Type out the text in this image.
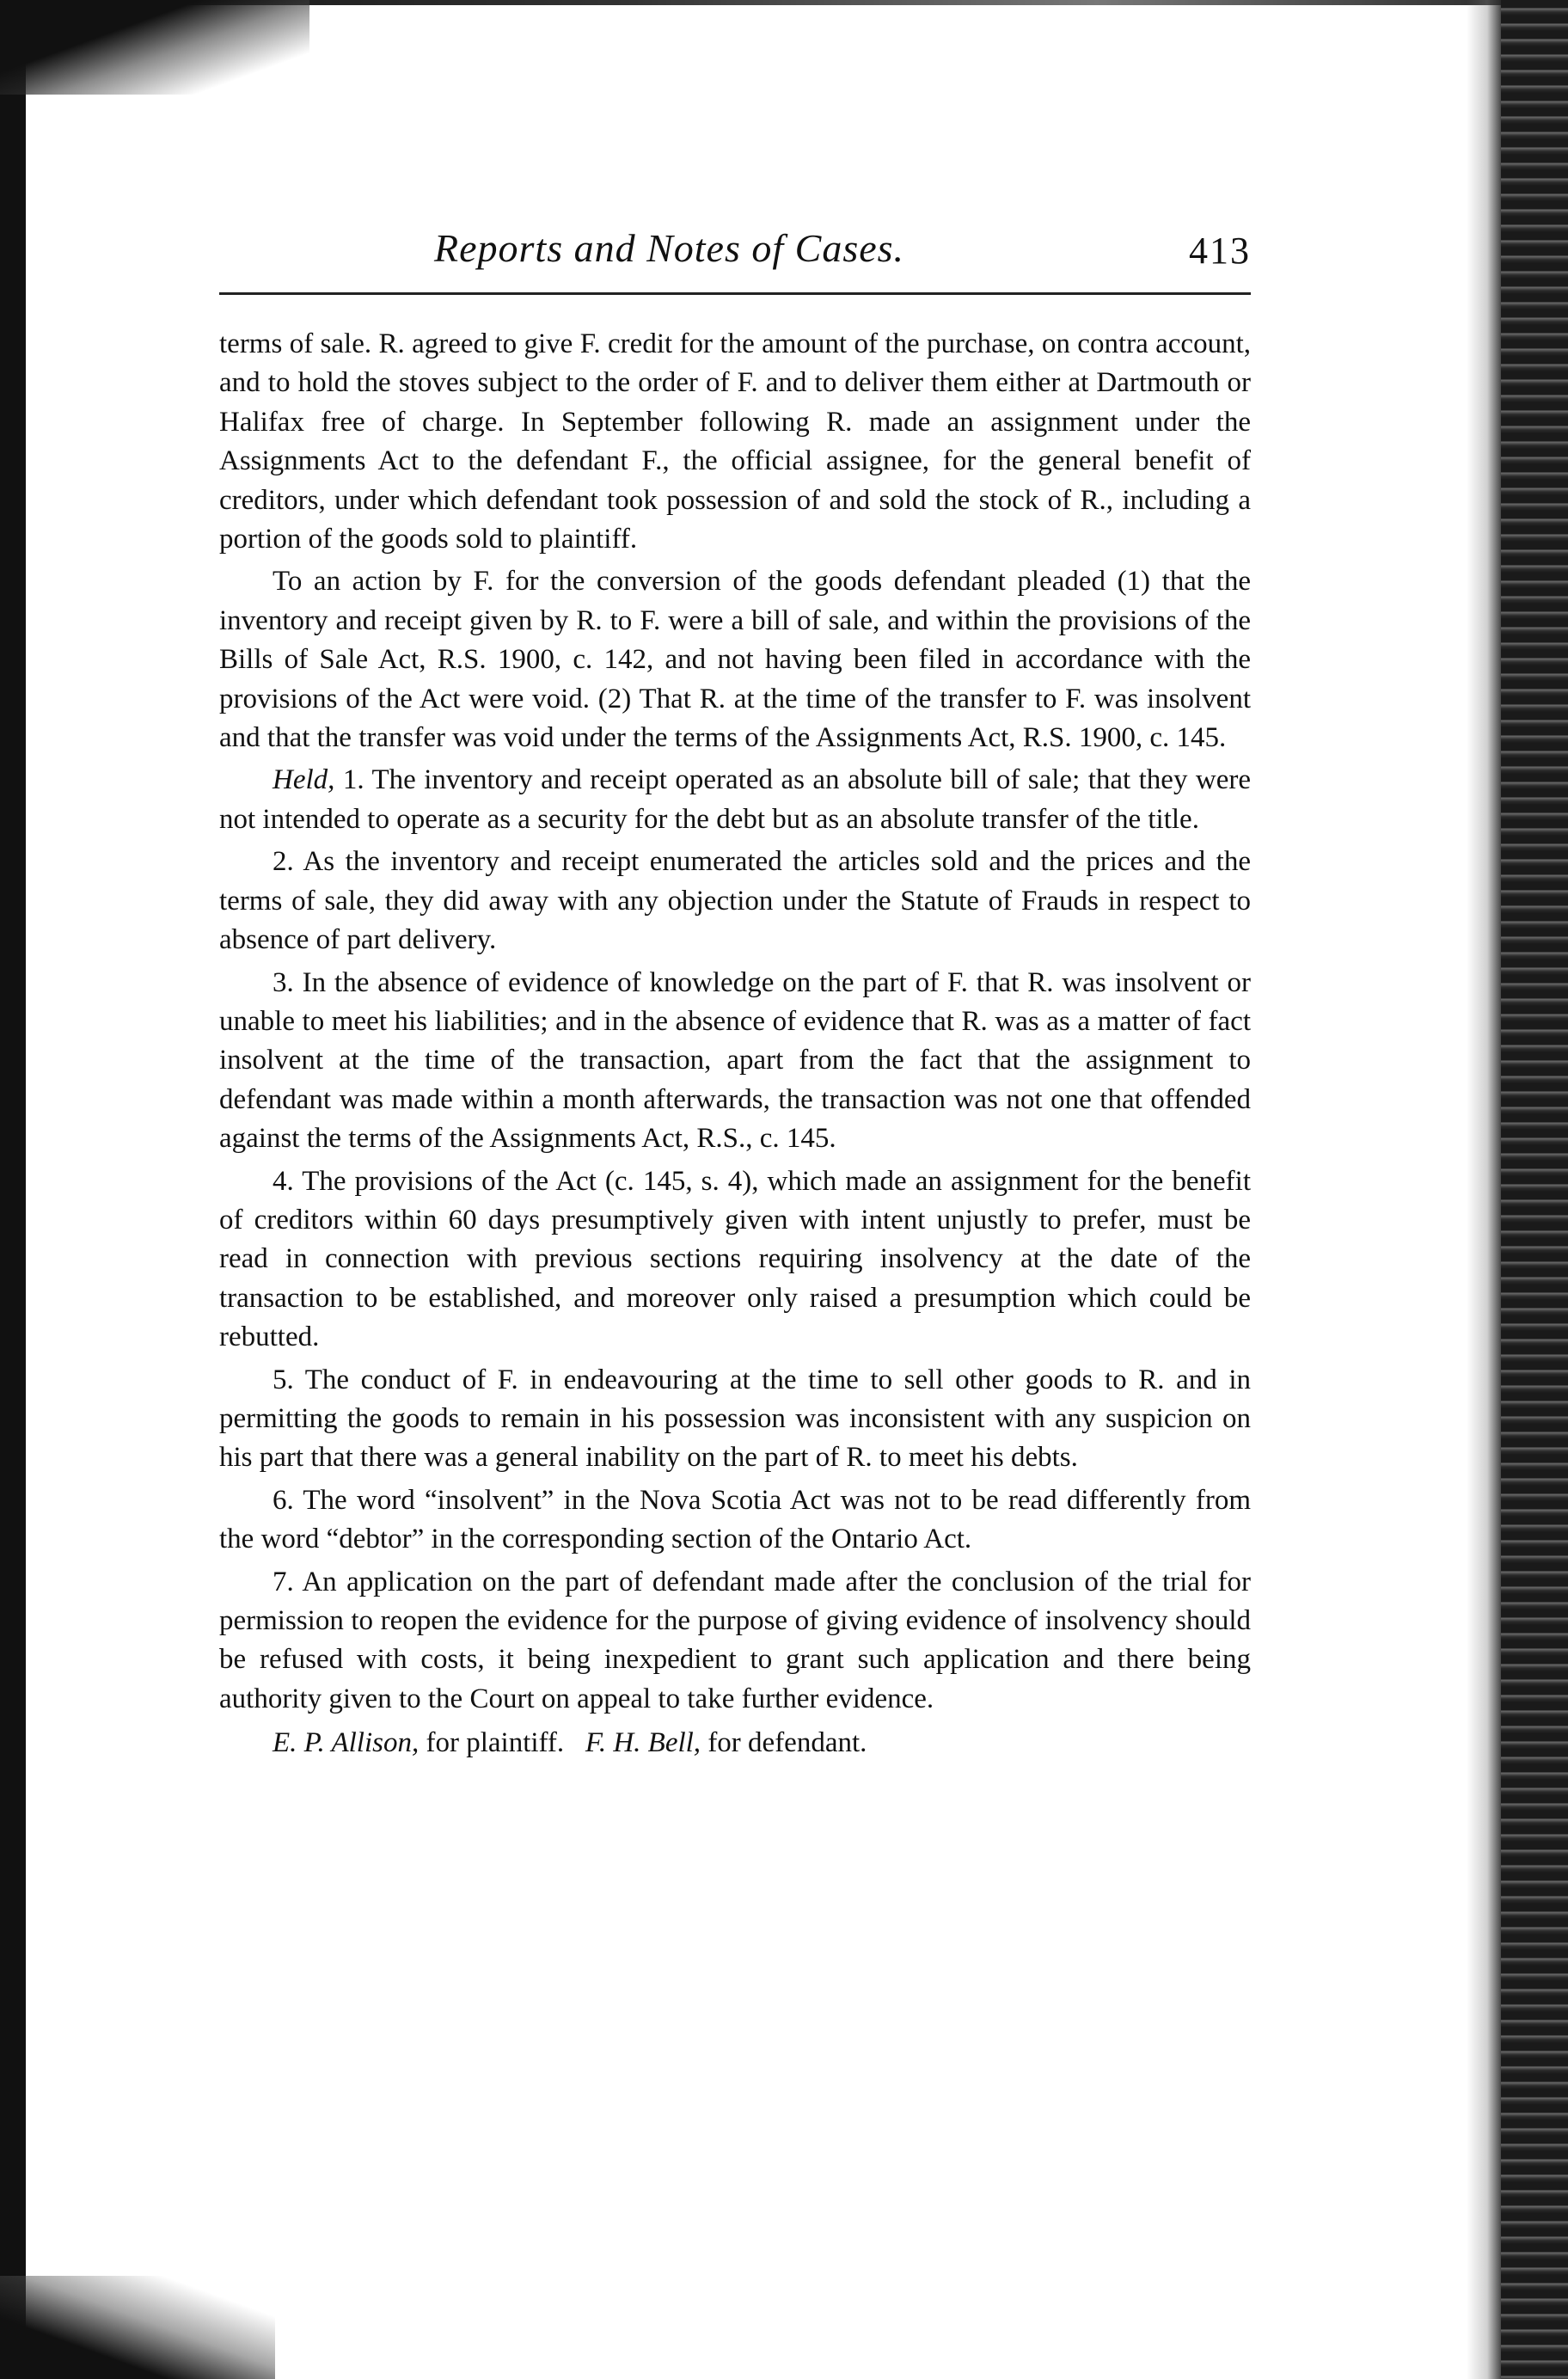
Reports and Notes of Cases.	413

terms of sale. R. agreed to give F. credit for the amount of the purchase, on contra account, and to hold the stoves subject to the order of F. and to deliver them either at Dartmouth or Halifax free of charge. In September following R. made an assignment under the Assignments Act to the defendant F., the official assignee, for the general benefit of creditors, under which defendant took possession of and sold the stock of R., including a portion of the goods sold to plaintiff.

To an action by F. for the conversion of the goods defendant pleaded (1) that the inventory and receipt given by R. to F. were a bill of sale, and within the provisions of the Bills of Sale Act, R.S. 1900, c. 142, and not having been filed in accordance with the provisions of the Act were void. (2) That R. at the time of the transfer to F. was insolvent and that the transfer was void under the terms of the Assignments Act, R.S. 1900, c. 145.

Held, 1. The inventory and receipt operated as an absolute bill of sale; that they were not intended to operate as a security for the debt but as an absolute transfer of the title.

2. As the inventory and receipt enumerated the articles sold and the prices and the terms of sale, they did away with any objection under the Statute of Frauds in respect to absence of part delivery.

3. In the absence of evidence of knowledge on the part of F. that R. was insolvent or unable to meet his liabilities; and in the absence of evidence that R. was as a matter of fact insolvent at the time of the transaction, apart from the fact that the assignment to defendant was made within a month afterwards, the transaction was not one that offended against the terms of the Assignments Act, R.S., c. 145.

4. The provisions of the Act (c. 145, s. 4), which made an assignment for the benefit of creditors within 60 days presumptively given with intent unjustly to prefer, must be read in connection with previous sections requiring insolvency at the date of the transaction to be established, and moreover only raised a presumption which could be rebutted.

5. The conduct of F. in endeavouring at the time to sell other goods to R. and in permitting the goods to remain in his possession was inconsistent with any suspicion on his part that there was a general inability on the part of R. to meet his debts.

6. The word “insolvent” in the Nova Scotia Act was not to be read differently from the word “debtor” in the corresponding section of the Ontario Act.

7. An application on the part of defendant made after the conclusion of the trial for permission to reopen the evidence for the purpose of giving evidence of insolvency should be refused with costs, it being inexpedient to grant such application and there being authority given to the Court on appeal to take further evidence.

E. P. Allison, for plaintiff. F. H. Bell, for defendant.
